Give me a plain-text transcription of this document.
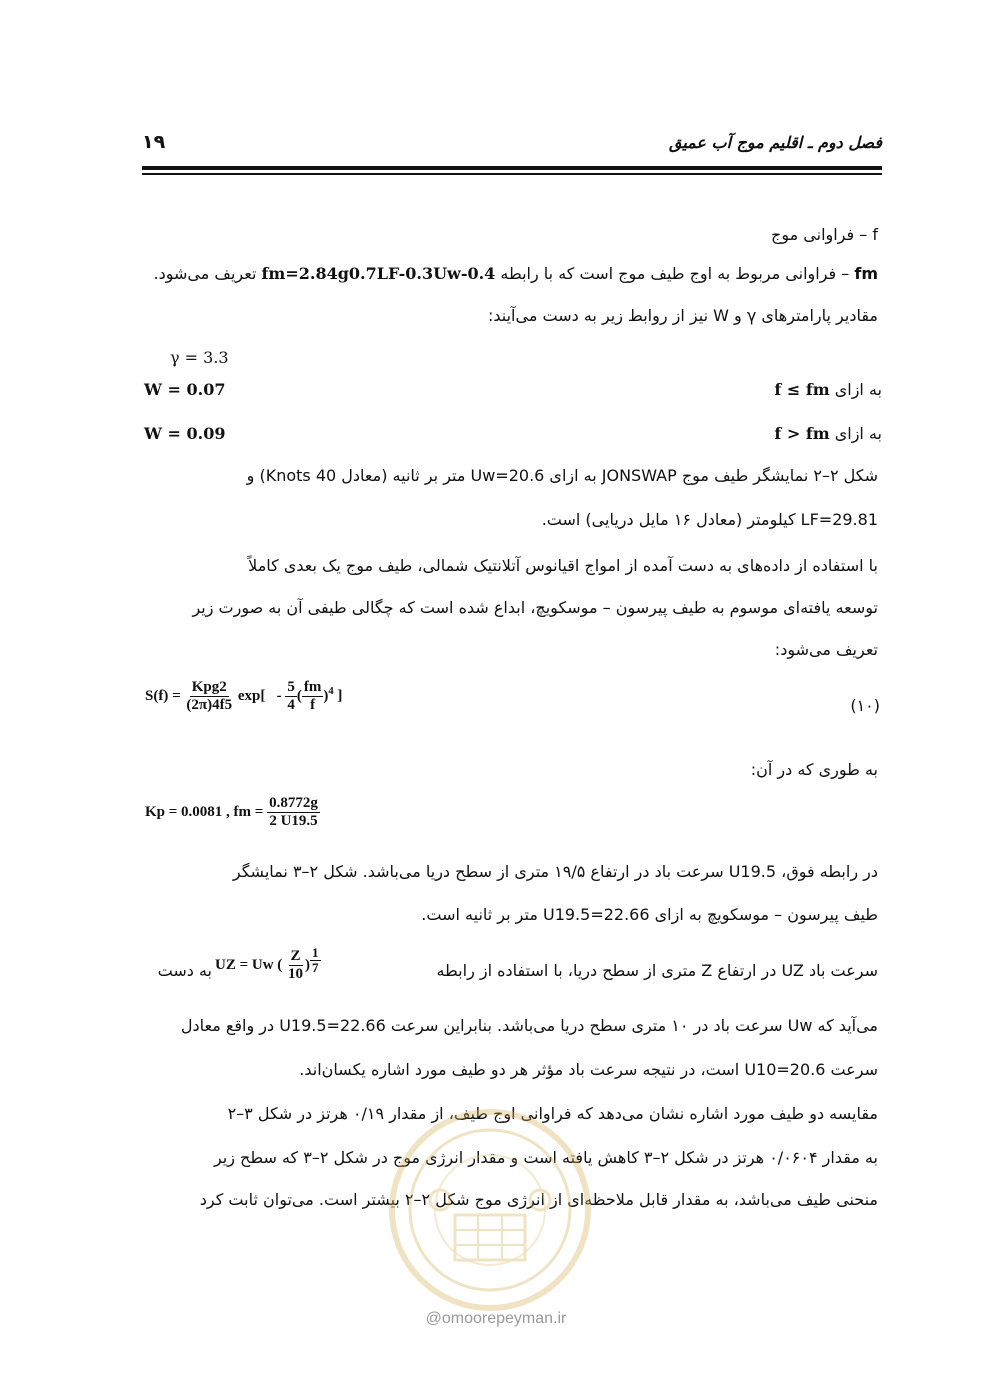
فصل دوم ـ اقلیم موج آب عمیق
۱۹
f – فراوانی موج
fm – فراوانی مربوط به اوج طیف موج است که با رابطه fm=2.84g0.7LF-0.3Uw-0.4 تعریف می‌شود.
مقادیر پارامترهای γ و W نیز از روابط زیر به دست می‌آیند:
γ = 3.3
W = 0.07	به ازای f ≤ fm
W = 0.09	به ازای f > fm
شکل ۲–۲ نمایشگر طیف موج JONSWAP به ازای Uw=20.6 متر بر ثانیه (معادل 40 Knots) و
LF=29.81 کیلومتر (معادل ۱۶ مایل دریایی) است.
با استفاده از داده‌های به دست آمده از امواج اقیانوس آتلانتیک شمالی، طیف موج یک بعدی کاملاً
توسعه یافته‌ای موسوم به طیف پیرسون – موسکویچ، ابداع شده است که چگالی طیفی آن به صورت زیر
تعریف می‌شود:
$S(f) = \frac{\text{Kpg2}}{(2\pi)4f5} \exp[ - \frac{5}{4}$ ( $\frac{fm}{f} )^4$ ]	(۱۰)
به طوری که در آن:
Kp = 0.0081 , fm = $\frac{0.8772g}{2 U19.5}$
در رابطه فوق، U19.5 سرعت باد در ارتفاع ۱۹/۵ متری از سطح دریا می‌باشد. شکل ۲–۳ نمایشگر
طیف پیرسون – موسکویچ به ازای U19.5=22.66 متر بر ثانیه است.
سرعت باد UZ در ارتفاع Z متری از سطح دریا، با استفاده از رابطه
UZ = Uw ( $\frac{Z}{10}$ ) $^{\frac{1}{7}}$
به دست
می‌آید که Uw سرعت باد در ۱۰ متری سطح دریا می‌باشد. بنابراین سرعت U19.5=22.66 در واقع معادل
سرعت U10=20.6 است، در نتیجه سرعت باد مؤثر هر دو طیف مورد اشاره یکسان‌اند.
مقایسه دو طیف مورد اشاره نشان می‌دهد که فراوانی اوج طیف، از مقدار ۰/۱۹ هرتز در شکل ۳–۲
به مقدار ۰/۰۶۰۴ هرتز در شکل ۲–۳ کاهش یافته است و مقدار انرژی موج در شکل ۲–۳ که سطح زیر
منحنی طیف می‌باشد، به مقدار قابل ملاحظه‌ای از انرژی موج شکل ۲–۲ بیشتر است. می‌توان ثابت کرد
@omoorepeyman.ir
